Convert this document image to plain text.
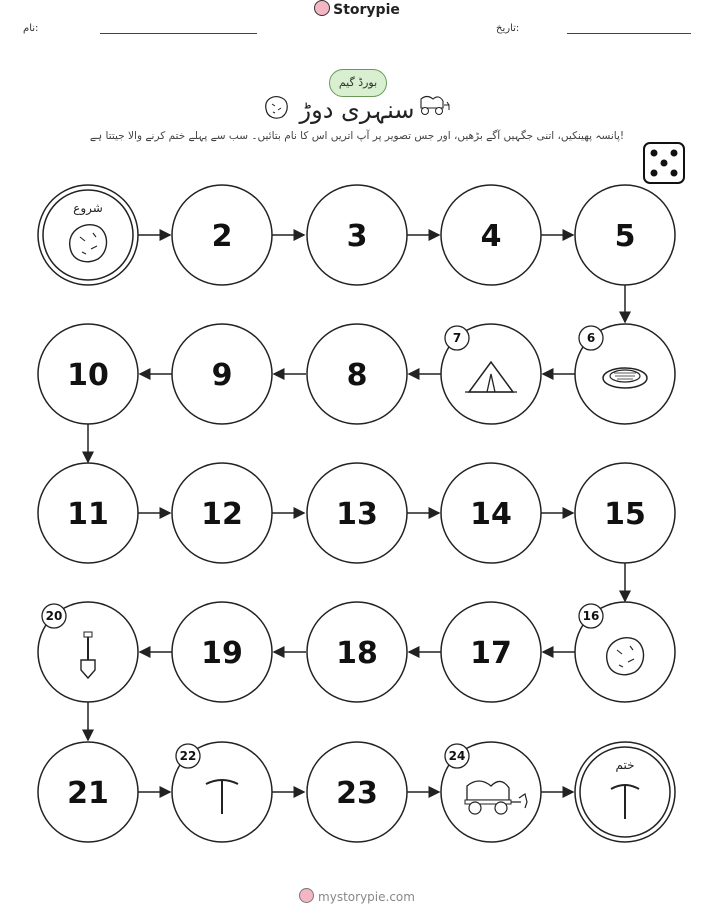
نام:
Storypie
تاریخ:
بورڈ گیم
سنہری دوڑ
پانسہ پھینکیں، اتنی جگہیں آگے بڑھیں، اور جس تصویر پر آپ اتریں اس کا نام بتائیں۔ سب سے پہلے ختم کرنے والا جیتتا ہے!
شروع
ختم
2	3	4	5
6
7
8
9
10
11	12	13	14	15
16
17
18
19
20
21
22
23
24
mystorypie.com
